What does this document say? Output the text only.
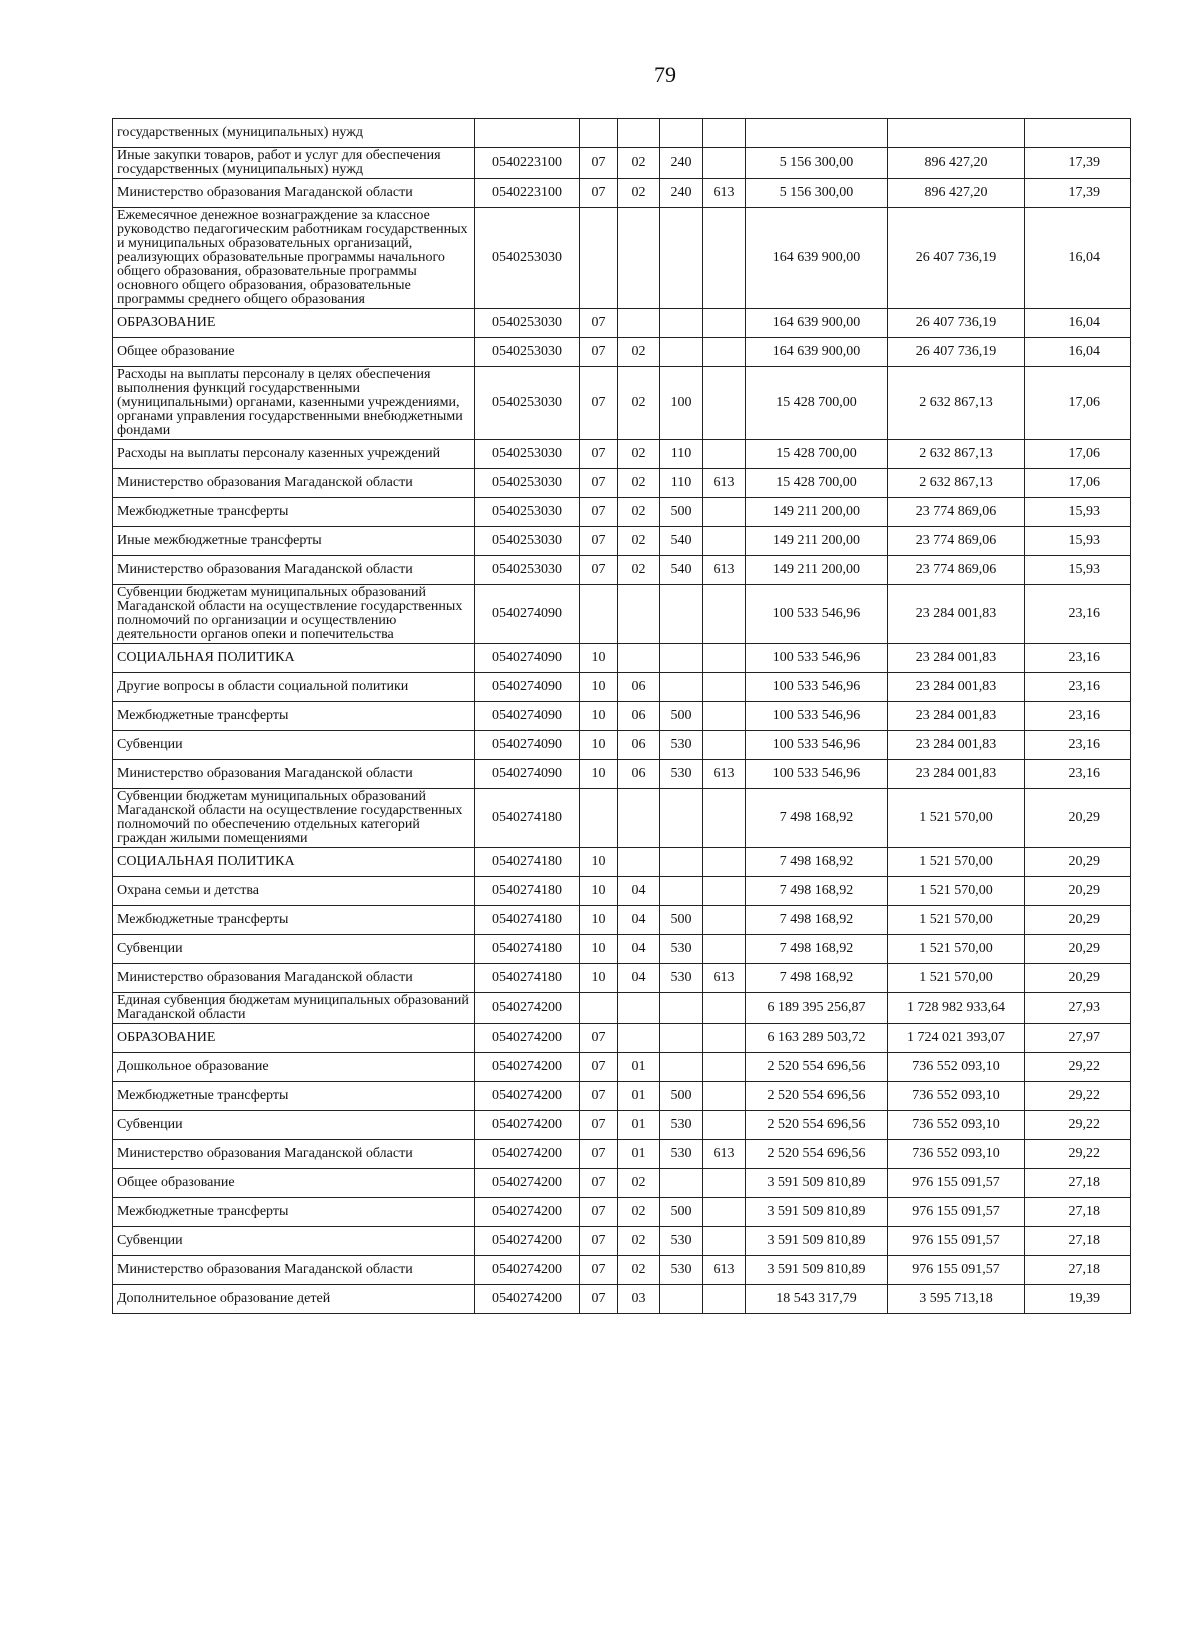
79
государственных (муниципальных) нужд								
Иные закупки товаров, работ и услуг для обеспечения государственных (муниципальных) нужд	0540223100	07	02	240		5 156 300,00	896 427,20	17,39
Министерство образования Магаданской области	0540223100	07	02	240	613	5 156 300,00	896 427,20	17,39
Ежемесячное денежное вознаграждение за классное руководство педагогическим работникам государственных и муниципальных образовательных организаций, реализующих образовательные программы начального общего образования, образовательные программы основного общего образования, образовательные программы среднего общего образования	0540253030					164 639 900,00	26 407 736,19	16,04
ОБРАЗОВАНИЕ	0540253030	07				164 639 900,00	26 407 736,19	16,04
Общее образование	0540253030	07	02			164 639 900,00	26 407 736,19	16,04
Расходы на выплаты персоналу в целях обеспечения выполнения функций государственными (муниципальными) органами, казенными учреждениями, органами управления государственными внебюджетными фондами	0540253030	07	02	100		15 428 700,00	2 632 867,13	17,06
Расходы на выплаты персоналу казенных учреждений	0540253030	07	02	110		15 428 700,00	2 632 867,13	17,06
Министерство образования Магаданской области	0540253030	07	02	110	613	15 428 700,00	2 632 867,13	17,06
Межбюджетные трансферты	0540253030	07	02	500		149 211 200,00	23 774 869,06	15,93
Иные межбюджетные трансферты	0540253030	07	02	540		149 211 200,00	23 774 869,06	15,93
Министерство образования Магаданской области	0540253030	07	02	540	613	149 211 200,00	23 774 869,06	15,93
Субвенции бюджетам муниципальных образований Магаданской области на осуществление государственных полномочий по организации и осуществлению деятельности органов опеки и попечительства	0540274090					100 533 546,96	23 284 001,83	23,16
СОЦИАЛЬНАЯ ПОЛИТИКА	0540274090	10				100 533 546,96	23 284 001,83	23,16
Другие вопросы в области социальной политики	0540274090	10	06			100 533 546,96	23 284 001,83	23,16
Межбюджетные трансферты	0540274090	10	06	500		100 533 546,96	23 284 001,83	23,16
Субвенции	0540274090	10	06	530		100 533 546,96	23 284 001,83	23,16
Министерство образования Магаданской области	0540274090	10	06	530	613	100 533 546,96	23 284 001,83	23,16
Субвенции бюджетам муниципальных образований Магаданской области на осуществление государственных полномочий по обеспечению отдельных категорий граждан жилыми помещениями	0540274180					7 498 168,92	1 521 570,00	20,29
СОЦИАЛЬНАЯ ПОЛИТИКА	0540274180	10				7 498 168,92	1 521 570,00	20,29
Охрана семьи и детства	0540274180	10	04			7 498 168,92	1 521 570,00	20,29
Межбюджетные трансферты	0540274180	10	04	500		7 498 168,92	1 521 570,00	20,29
Субвенции	0540274180	10	04	530		7 498 168,92	1 521 570,00	20,29
Министерство образования Магаданской области	0540274180	10	04	530	613	7 498 168,92	1 521 570,00	20,29
Единая субвенция бюджетам муниципальных образований Магаданской области	0540274200					6 189 395 256,87	1 728 982 933,64	27,93
ОБРАЗОВАНИЕ	0540274200	07				6 163 289 503,72	1 724 021 393,07	27,97
Дошкольное образование	0540274200	07	01			2 520 554 696,56	736 552 093,10	29,22
Межбюджетные трансферты	0540274200	07	01	500		2 520 554 696,56	736 552 093,10	29,22
Субвенции	0540274200	07	01	530		2 520 554 696,56	736 552 093,10	29,22
Министерство образования Магаданской области	0540274200	07	01	530	613	2 520 554 696,56	736 552 093,10	29,22
Общее образование	0540274200	07	02			3 591 509 810,89	976 155 091,57	27,18
Межбюджетные трансферты	0540274200	07	02	500		3 591 509 810,89	976 155 091,57	27,18
Субвенции	0540274200	07	02	530		3 591 509 810,89	976 155 091,57	27,18
Министерство образования Магаданской области	0540274200	07	02	530	613	3 591 509 810,89	976 155 091,57	27,18
Дополнительное образование детей	0540274200	07	03			18 543 317,79	3 595 713,18	19,39
